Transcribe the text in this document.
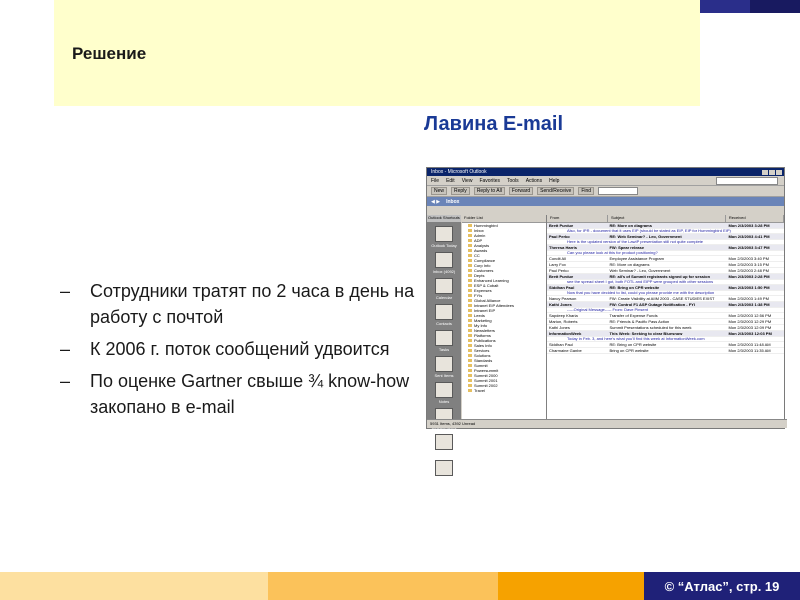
Решение
Лавина E-mail
Inbox - Microsoft Outlook
File Edit View Favorites Tools Actions Help
New	Reply	Reply to All	Forward	Send/Receive	Find
◀ ▶ Inbox
Outlook Shortcuts
Outlook Today
Inbox (4092)
Calendar
Contacts
Tasks
Sent Items
Notes
My Shortcuts
Other Shortcuts
Folder List
Hummingbird
Inbox
Admin
ADP
Analysts
Awards
CC
Compliance
Corp Info
Customers
Depts
Enhanced Learning
ESP & Cobalt
Expenses
FYIs
Global Alliance
Intranet EIP Attendees
Intranet EIP
Leeds
Marketing
My Info
Newsletters
Platforms
Publications
Sales Info
Services
Solutions
Standards
Summit
Powersummit
Summit 2000
Summit 2001
Summit 2002
Travel
From	Subject	Received
Brett Purdue	RE: More on diagrams	Mon 2/3/2003 3:28 PM
Also, for IPR - document that it uses EIP (should be stated as EIP, EIP for Hummingbird EIP)
Paul Perko	RE: Web Seminar? - Leo, Government	Mon 2/3/2003 4:41 PM
Here is the updated version of the LawIP presentation still not quite complete
Theresa Harris	FW: Spear release	Mon 2/3/2003 3:47 PM
Can you please look at this for product positioning?
Condit All	Employee Assistance Program	Mon 2/3/2003 3:40 PM
Larry Fox	RE: More on diagrams	Mon 2/3/2003 3:15 PM
Paul Perko	Web Seminar? - Leo, Government	Mon 2/3/2003 2:48 PM
Brett Purdue	RE: all's of Summit registrants signed up for session	Mon 2/3/2003 2:28 PM
see the spread sheet I got, both FOTL and EIPP were grouped with other sessions
Siddhan Paul	RE: Bring on CPR website	Mon 2/3/2003 1:50 PM
Now that you have decided to list, could you please provide me with the description
Nancy Pearson	FW: Create Visibility at AIIM 2003 - CASE STUDIES EXIST	Mon 2/3/2003 1:49 PM
Kathi Jones	FW: Control F1 ASP Outage Notification - FYI	Mon 2/3/2003 1:38 PM
-----Original Message----- From: Dave Pinsent
Sapdeep Kharia	Transfer of Expense Funds	Mon 2/3/2003 12:56 PM
Marion, Roberts	RE: Friends & Pacific Pass Action	Mon 2/3/2003 12:29 PM
Kathi Jones	Summit Presentations scheduled for this week	Mon 2/3/2003 12:09 PM
InformationWeek	This Week: Seeking to clear Bluesnow	Mon 2/3/2003 12:03 PM
Today in Feb. 3, and here's what you'll find this week at InformationWeek.com
Siddhan Paul	RE: Bring on CPR website	Mon 2/3/2003 11:48 AM
Charmaine Ganbe	Bring on CPR website	Mon 2/3/2003 11:35 AM
5931 Items, 4392 Unread
–	Сотрудники тратят по 2 часа в день на работу с почтой
–	К 2006 г. поток сообщений удвоится
–	По оценке Gartner свыше ¾ know-how закопано в e-mail
© “Атлас”, стр. 19
